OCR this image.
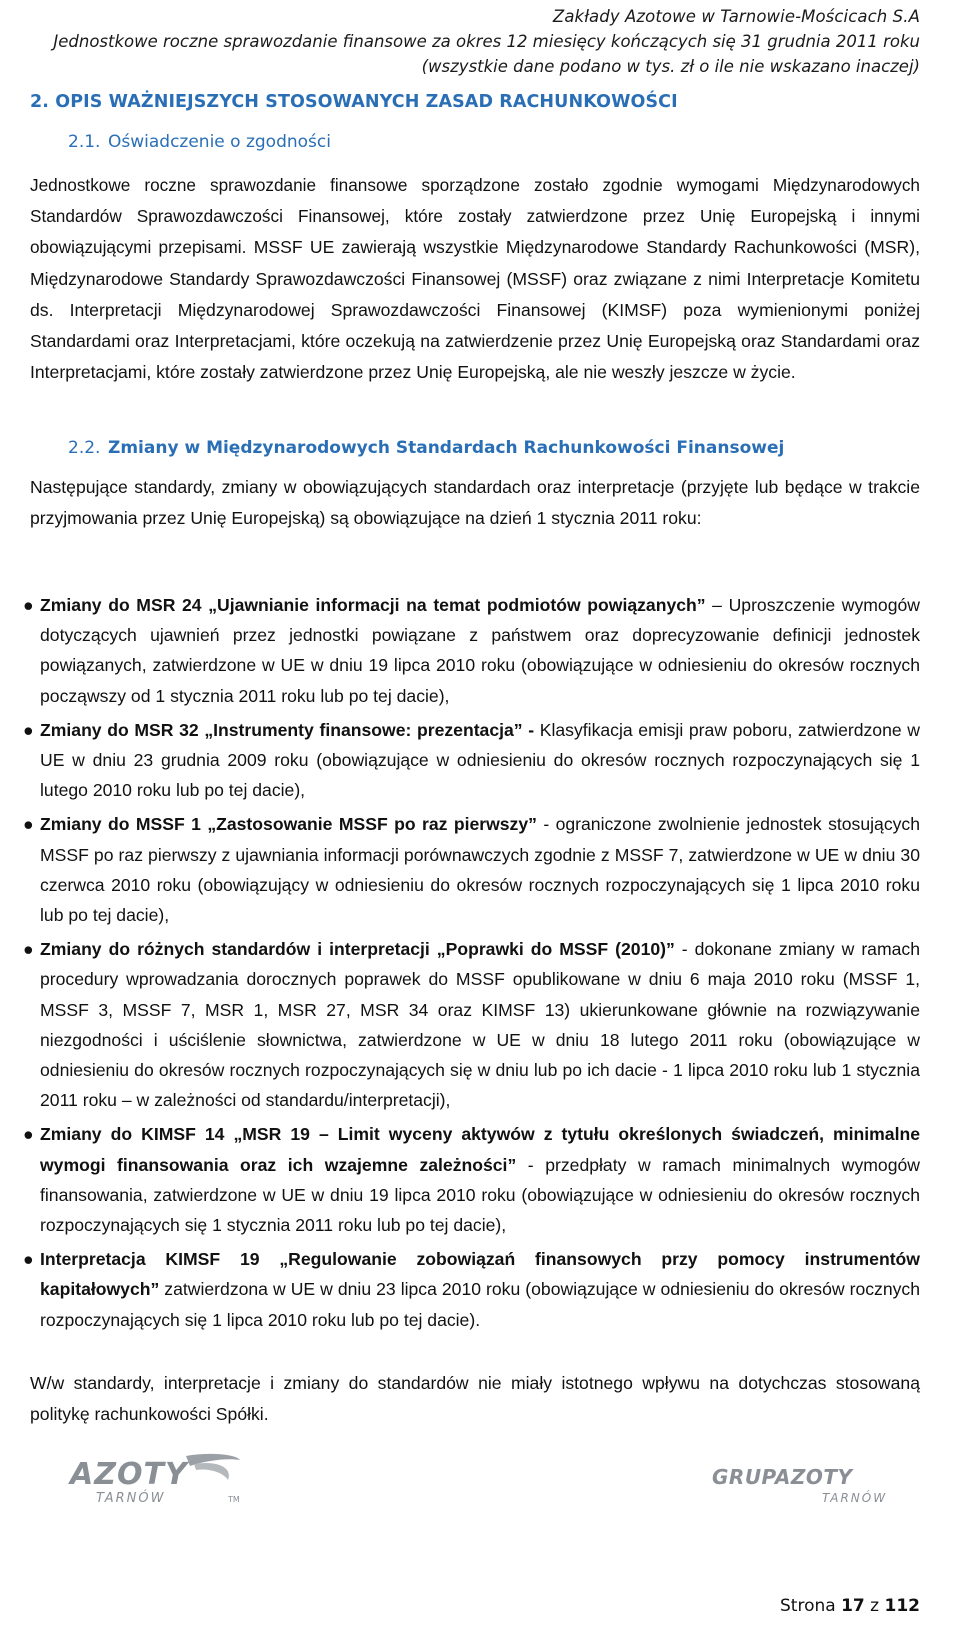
Zakłady Azotowe w Tarnowie-Mościcach S.A
Jednostkowe roczne sprawozdanie finansowe za okres 12 miesięcy kończących się 31 grudnia 2011 roku
(wszystkie dane podano w tys. zł o ile nie wskazano inaczej)
2. OPIS WAŻNIEJSZYCH STOSOWANYCH ZASAD RACHUNKOWOŚCI
2.1. Oświadczenie o zgodności
Jednostkowe roczne sprawozdanie finansowe sporządzone zostało zgodnie wymogami Międzynarodowych Standardów Sprawozdawczości Finansowej, które zostały zatwierdzone przez Unię Europejską i innymi obowiązującymi przepisami. MSSF UE zawierają wszystkie Międzynarodowe Standardy Rachunkowości (MSR), Międzynarodowe Standardy Sprawozdawczości Finansowej (MSSF) oraz związane z nimi Interpretacje Komitetu ds. Interpretacji Międzynarodowej Sprawozdawczości Finansowej (KIMSF) poza wymienionymi poniżej Standardami oraz Interpretacjami, które oczekują na zatwierdzenie przez Unię Europejską oraz Standardami oraz Interpretacjami, które zostały zatwierdzone przez Unię Europejską, ale nie weszły jeszcze w życie.
2.2. Zmiany w Międzynarodowych Standardach Rachunkowości Finansowej
Następujące standardy, zmiany w obowiązujących standardach oraz interpretacje (przyjęte lub będące w trakcie przyjmowania przez Unię Europejską) są obowiązujące na dzień 1 stycznia 2011 roku:
● Zmiany do MSR 24 „Ujawnianie informacji na temat podmiotów powiązanych” – Uproszczenie wymogów dotyczących ujawnień przez jednostki powiązane z państwem oraz doprecyzowanie definicji jednostek powiązanych, zatwierdzone w UE w dniu 19 lipca 2010 roku (obowiązujące w odniesieniu do okresów rocznych począwszy od 1 stycznia 2011 roku lub po tej dacie),
● Zmiany do MSR 32 „Instrumenty finansowe: prezentacja” - Klasyfikacja emisji praw poboru, zatwierdzone w UE w dniu 23 grudnia 2009 roku (obowiązujące w odniesieniu do okresów rocznych rozpoczynających się 1 lutego 2010 roku lub po tej dacie),
● Zmiany do MSSF 1 „Zastosowanie MSSF po raz pierwszy” - ograniczone zwolnienie jednostek stosujących MSSF po raz pierwszy z ujawniania informacji porównawczych zgodnie z MSSF 7, zatwierdzone w UE w dniu 30 czerwca 2010 roku (obowiązujący w odniesieniu do okresów rocznych rozpoczynających się 1 lipca 2010 roku lub po tej dacie),
● Zmiany do różnych standardów i interpretacji „Poprawki do MSSF (2010)” - dokonane zmiany w ramach procedury wprowadzania dorocznych poprawek do MSSF opublikowane w dniu 6 maja 2010 roku (MSSF 1, MSSF 3, MSSF 7, MSR 1, MSR 27, MSR 34 oraz KIMSF 13) ukierunkowane głównie na rozwiązywanie niezgodności i uściślenie słownictwa, zatwierdzone w UE w dniu 18 lutego 2011 roku (obowiązujące w odniesieniu do okresów rocznych rozpoczynających się w dniu lub po ich dacie - 1 lipca 2010 roku lub 1 stycznia 2011 roku – w zależności od standardu/interpretacji),
● Zmiany do KIMSF 14 „MSR 19 – Limit wyceny aktywów z tytułu określonych świadczeń, minimalne wymogi finansowania oraz ich wzajemne zależności” - przedpłaty w ramach minimalnych wymogów finansowania, zatwierdzone w UE w dniu 19 lipca 2010 roku (obowiązujące w odniesieniu do okresów rocznych rozpoczynających się 1 stycznia 2011 roku lub po tej dacie),
● Interpretacja KIMSF 19 „Regulowanie zobowiązań finansowych przy pomocy instrumentów kapitałowych” zatwierdzona w UE w dniu 23 lipca 2010 roku (obowiązujące w odniesieniu do okresów rocznych rozpoczynających się 1 lipca 2010 roku lub po tej dacie).
W/w standardy, interpretacje i zmiany do standardów nie miały istotnego wpływu na dotychczas stosowaną politykę rachunkowości Spółki.
AZOTY
TARNÓW	TM
GRUPAZOTY
TARNÓW
Strona 17 z 112
